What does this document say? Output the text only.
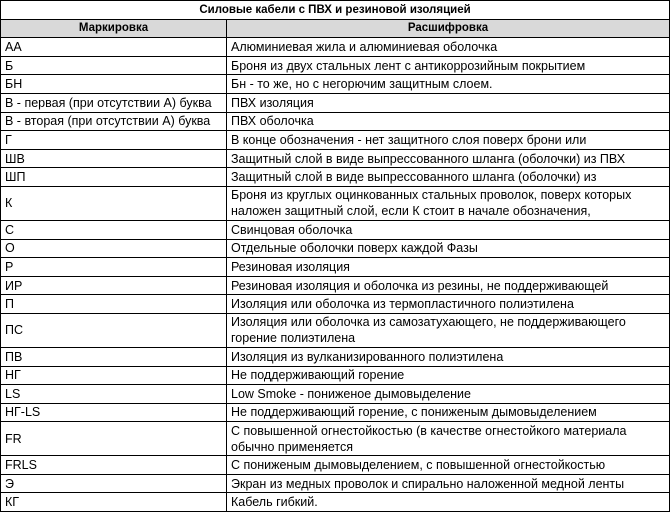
Силовые кабели с ПВХ и резиновой изоляцией	
Маркировка	Расшифровка
АА	Алюминиевая жила и алюминиевая оболочка
Б	Броня из двух стальных лент с антикоррозийным покрытием
БН	Бн - то же, но с негорючим защитным слоем.
В - первая (при отсутствии А) буква	ПВХ изоляция
В - вторая (при отсутствии А) буква	ПВХ оболочка
Г	В конце обозначения - нет защитного слоя поверх брони или
ШВ	Защитный слой в виде выпрессованного шланга (оболочки) из ПВХ
ШП	Защитный слой в виде выпрессованного шланга (оболочки) из
К	Броня из круглых оцинкованных стальных проволок, поверх которых наложен защитный слой, если К стоит в начале обозначения,
С	Свинцовая оболочка
О	Отдельные оболочки поверх каждой Фазы
Р	Резиновая изоляция
ИР	Резиновая изоляция и оболочка из резины, не поддерживающей
П	Изоляция или оболочка из термопластичного полиэтилена
ПС	Изоляция или оболочка из самозатухающего, не поддерживающего горение полиэтилена
ПВ	Изоляция из вулканизированного полиэтилена
НГ	Не поддерживающий горение
LS	Low Smoke - пониженое дымовыделение
НГ-LS	Не поддерживающий горение, с пониженым дымовыделением
FR	С повышенной огнестойкостью (в качестве огнестойкого материала обычно применяется
FRLS	С пониженым дымовыделением, с повышенной огнестойкостью
Э	Экран из медных проволок и спирально наложенной медной ленты
КГ	Кабель гибкий.
